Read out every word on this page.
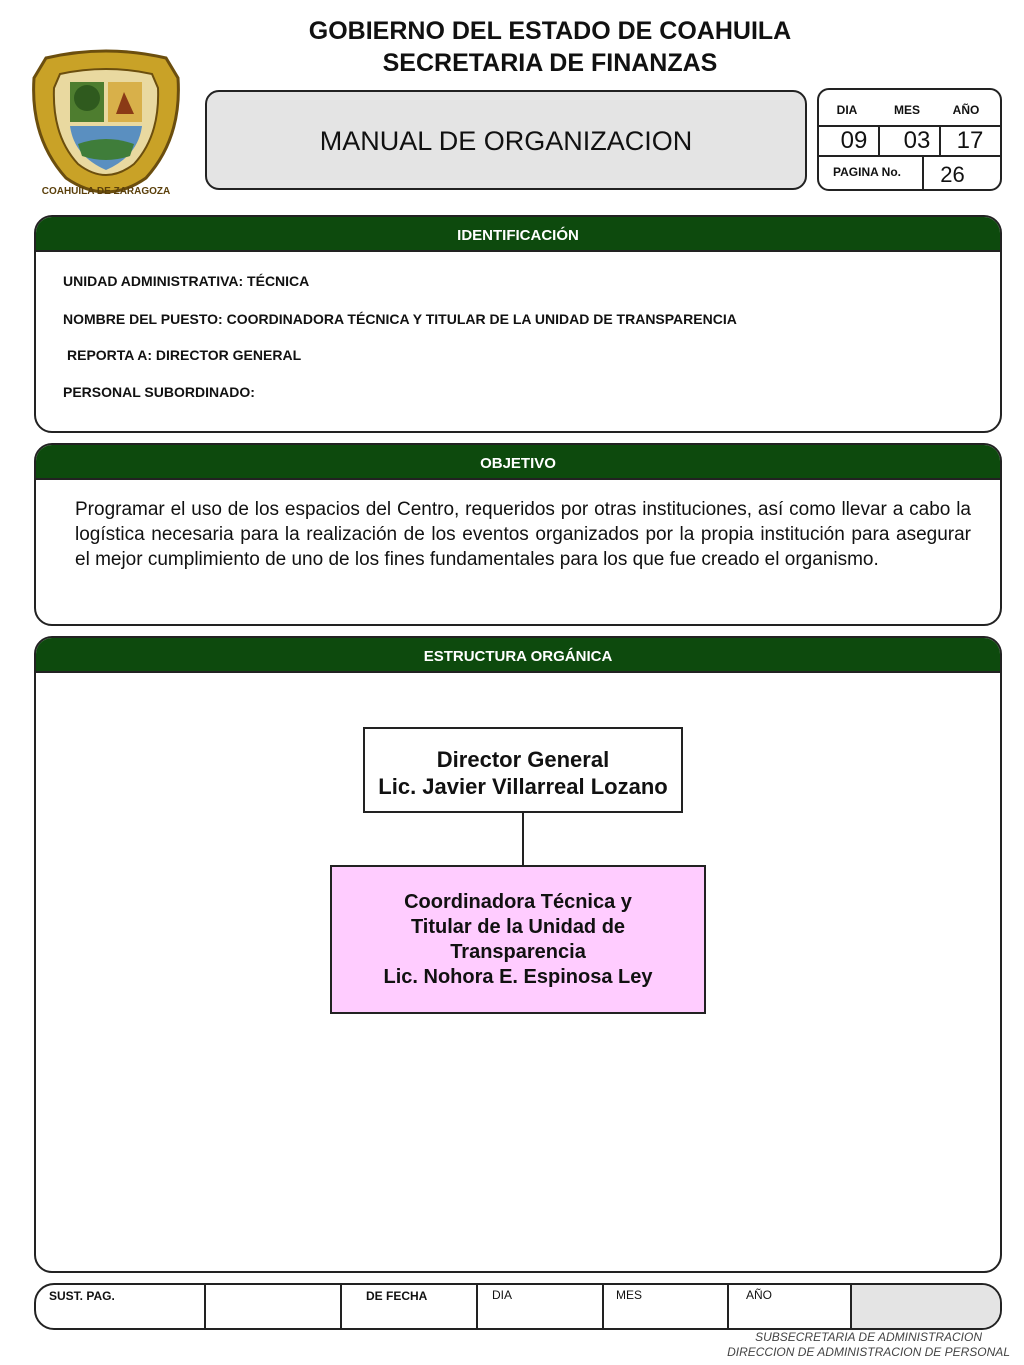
COAHUILA DE ZARAGOZA
GOBIERNO DEL ESTADO DE COAHUILA
SECRETARIA DE FINANZAS
MANUAL DE ORGANIZACION
DIA	MES	AÑO
09	03	17
PAGINA No.	26
IDENTIFICACIÓN
UNIDAD ADMINISTRATIVA: TÉCNICA
NOMBRE DEL PUESTO: COORDINADORA TÉCNICA Y TITULAR DE LA UNIDAD DE TRANSPARENCIA
REPORTA A: DIRECTOR GENERAL
PERSONAL SUBORDINADO:
OBJETIVO
Programar el uso de los espacios del Centro, requeridos por otras instituciones, así como llevar a cabo la logística necesaria para la realización de los eventos organizados por la propia institución para asegurar el mejor cumplimiento de uno de los fines fundamentales para los que fue creado el organismo.
ESTRUCTURA ORGÁNICA
Director General
Lic. Javier Villarreal Lozano
Coordinadora Técnica y
Titular de la Unidad de
Transparencia
Lic. Nohora E. Espinosa Ley
SUST. PAG.	DE FECHA	DIA	MES	AÑO
SUBSECRETARIA DE ADMINISTRACION
DIRECCION DE ADMINISTRACION DE PERSONAL
